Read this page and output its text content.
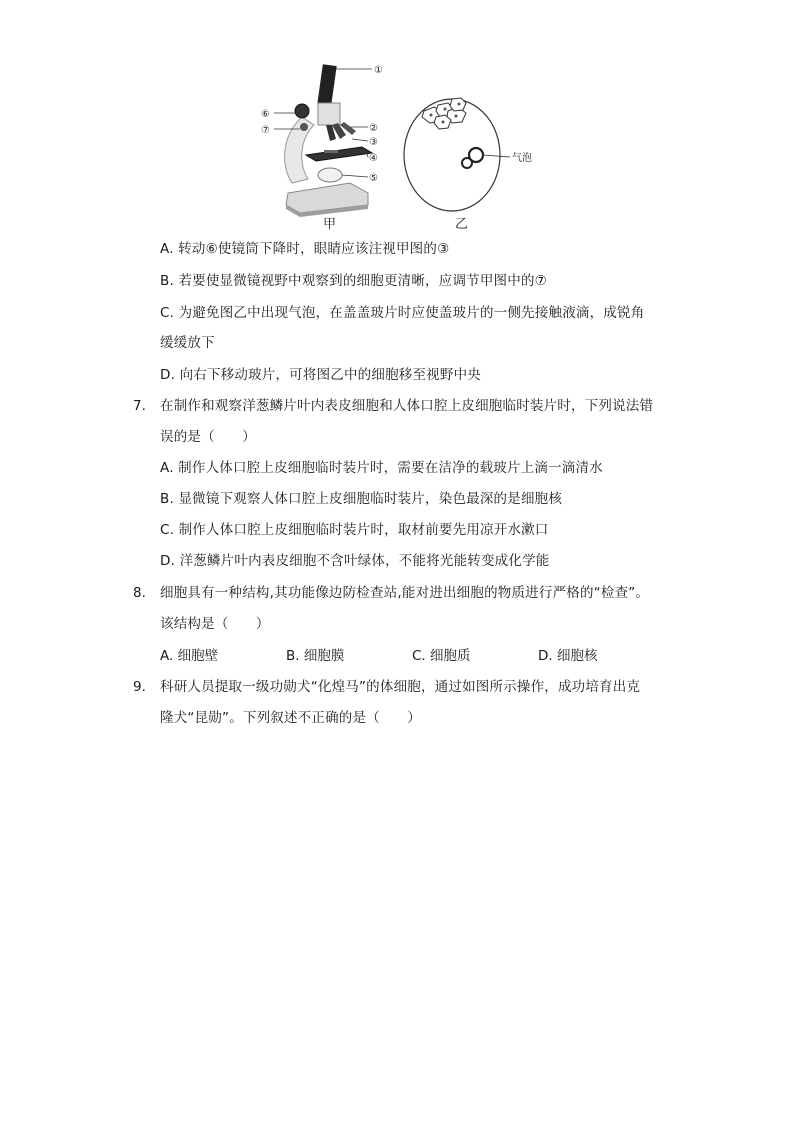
①
②
③
④
⑤
⑥
⑦
气泡
甲	乙
A. 转动⑥使镜筒下降时，眼睛应该注视甲图的③
B. 若要使显微镜视野中观察到的细胞更清晰，应调节甲图中的⑦
C. 为避免图乙中出现气泡，在盖盖玻片时应使盖玻片的一侧先接触液滴，成锐角
缓缓放下
D. 向右下移动玻片，可将图乙中的细胞移至视野中央
7. 在制作和观察洋葱鳞片叶内表皮细胞和人体口腔上皮细胞临时装片时，下列说法错
误的是（　　）
A. 制作人体口腔上皮细胞临时装片时，需要在洁净的载玻片上滴一滴清水
B. 显微镜下观察人体口腔上皮细胞临时装片，染色最深的是细胞核
C. 制作人体口腔上皮细胞临时装片时，取材前要先用凉开水漱口
D. 洋葱鳞片叶内表皮细胞不含叶绿体，不能将光能转变成化学能
8. 细胞具有一种结构,其功能像边防检查站,能对进出细胞的物质进行严格的“检查”。
该结构是（　　）
A. 细胞壁	B. 细胞膜	C. 细胞质	D. 细胞核
9. 科研人员提取一级功勋犬“化煌马”的体细胞，通过如图所示操作，成功培育出克
隆犬“昆勋”。下列叙述不正确的是（　　）
